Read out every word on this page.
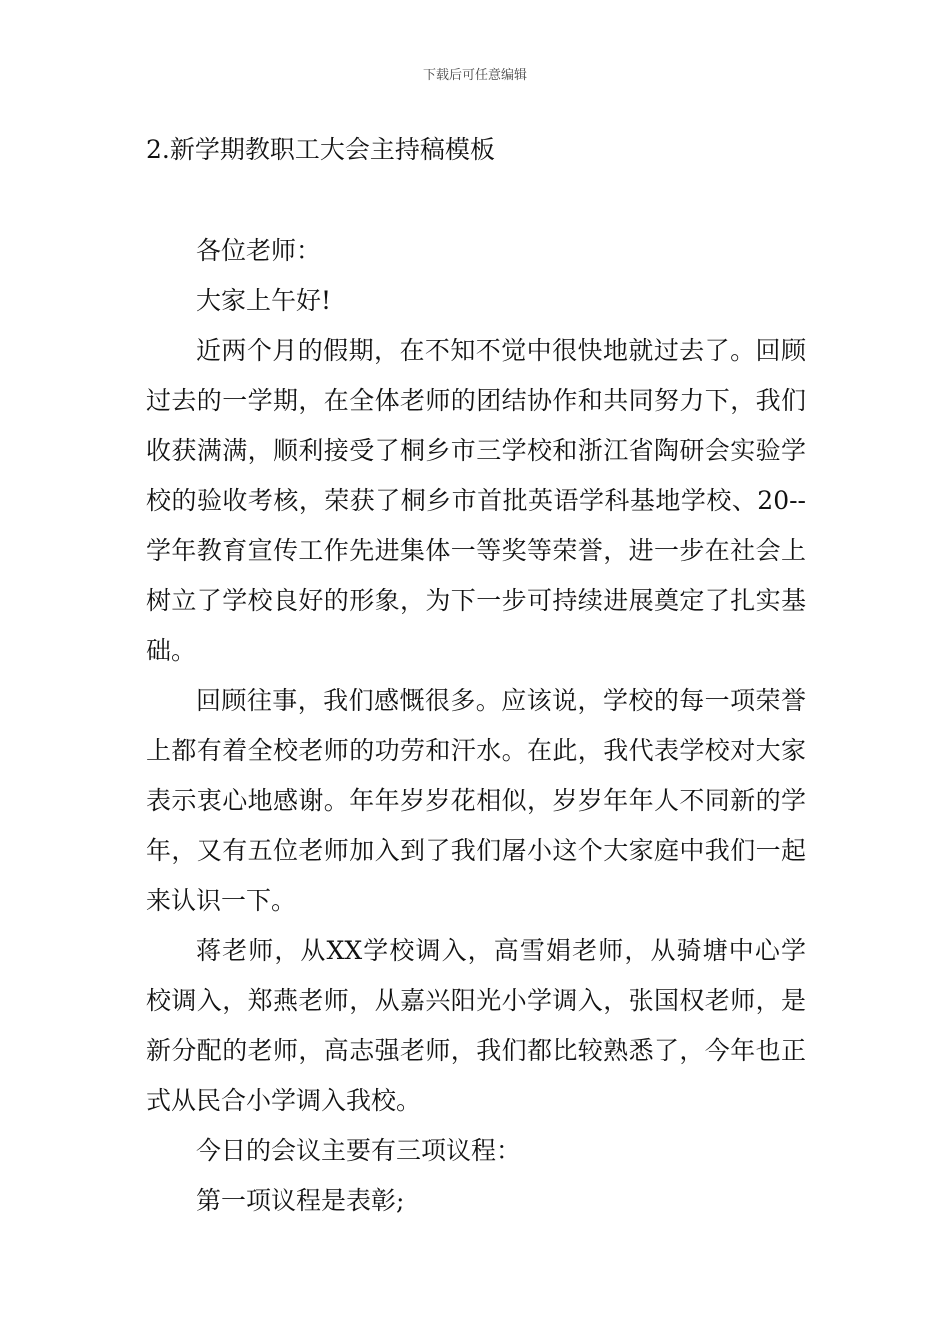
下载后可任意编辑
2.新学期教职工大会主持稿模板

各位老师：

大家上午好!

近两个月的假期，在不知不觉中很快地就过去了。回顾过去的一学期，在全体老师的团结协作和共同努力下，我们收获满满，顺利接受了桐乡市三学校和浙江省陶研会实验学校的验收考核，荣获了桐乡市首批英语学科基地学校、20--学年教育宣传工作先进集体一等奖等荣誉，进一步在社会上树立了学校良好的形象，为下一步可持续进展奠定了扎实基础。

回顾往事，我们感慨很多。应该说，学校的每一项荣誉上都有着全校老师的功劳和汗水。在此，我代表学校对大家表示衷心地感谢。年年岁岁花相似，岁岁年年人不同新的学年，又有五位老师加入到了我们屠小这个大家庭中我们一起来认识一下。

蒋老师，从XX学校调入，高雪娟老师，从骑塘中心学校调入，郑燕老师，从嘉兴阳光小学调入，张国权老师，是新分配的老师，高志强老师，我们都比较熟悉了，今年也正式从民合小学调入我校。

今日的会议主要有三项议程：

第一项议程是表彰;
